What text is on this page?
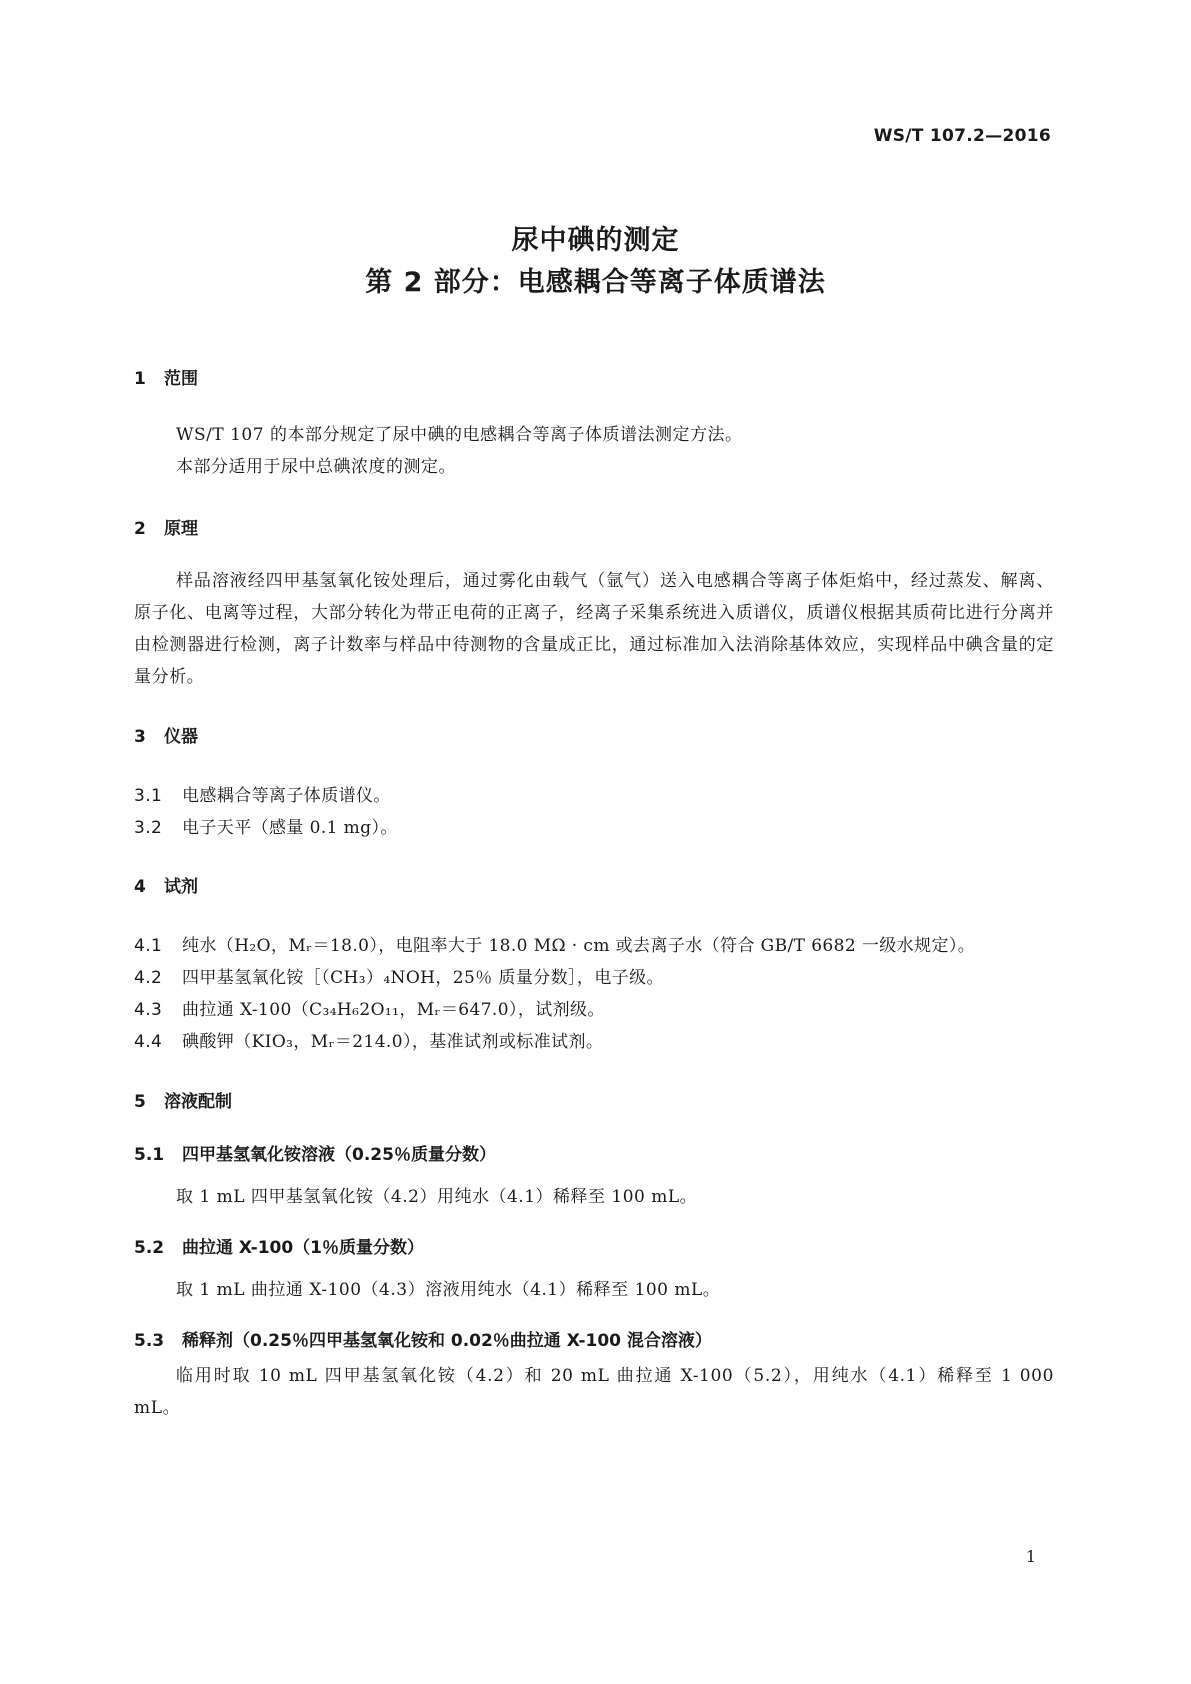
WS/T 107.2—2016
尿中碘的测定
第 2 部分：电感耦合等离子体质谱法
1 范围
WS/T 107 的本部分规定了尿中碘的电感耦合等离子体质谱法测定方法。
本部分适用于尿中总碘浓度的测定。
2 原理
样品溶液经四甲基氢氧化铵处理后，通过雾化由载气（氩气）送入电感耦合等离子体炬焰中，经过蒸发、解离、原子化、电离等过程，大部分转化为带正电荷的正离子，经离子采集系统进入质谱仪，质谱仪根据其质荷比进行分离并由检测器进行检测，离子计数率与样品中待测物的含量成正比，通过标准加入法消除基体效应，实现样品中碘含量的定量分析。
3 仪器
3.1 电感耦合等离子体质谱仪。
3.2 电子天平（感量 0.1 mg）。
4 试剂
4.1 纯水（H₂O，Mᵣ＝18.0），电阻率大于 18.0 MΩ · cm 或去离子水（符合 GB/T 6682 一级水规定）。
4.2 四甲基氢氧化铵［（CH₃）₄NOH，25％ 质量分数］，电子级。
4.3 曲拉通 X-100（C₃₄H₆2O₁₁，Mᵣ＝647.0），试剂级。
4.4 碘酸钾（KIO₃，Mᵣ＝214.0），基准试剂或标准试剂。
5 溶液配制
5.1 四甲基氢氧化铵溶液（0.25％质量分数）
取 1 mL 四甲基氢氧化铵（4.2）用纯水（4.1）稀释至 100 mL。
5.2 曲拉通 X-100（1％质量分数）
取 1 mL 曲拉通 X-100（4.3）溶液用纯水（4.1）稀释至 100 mL。
5.3 稀释剂（0.25％四甲基氢氧化铵和 0.02％曲拉通 X-100 混合溶液）
临用时取 10 mL 四甲基氢氧化铵（4.2）和 20 mL 曲拉通 X-100（5.2），用纯水（4.1）稀释至 1 000 mL。
1
